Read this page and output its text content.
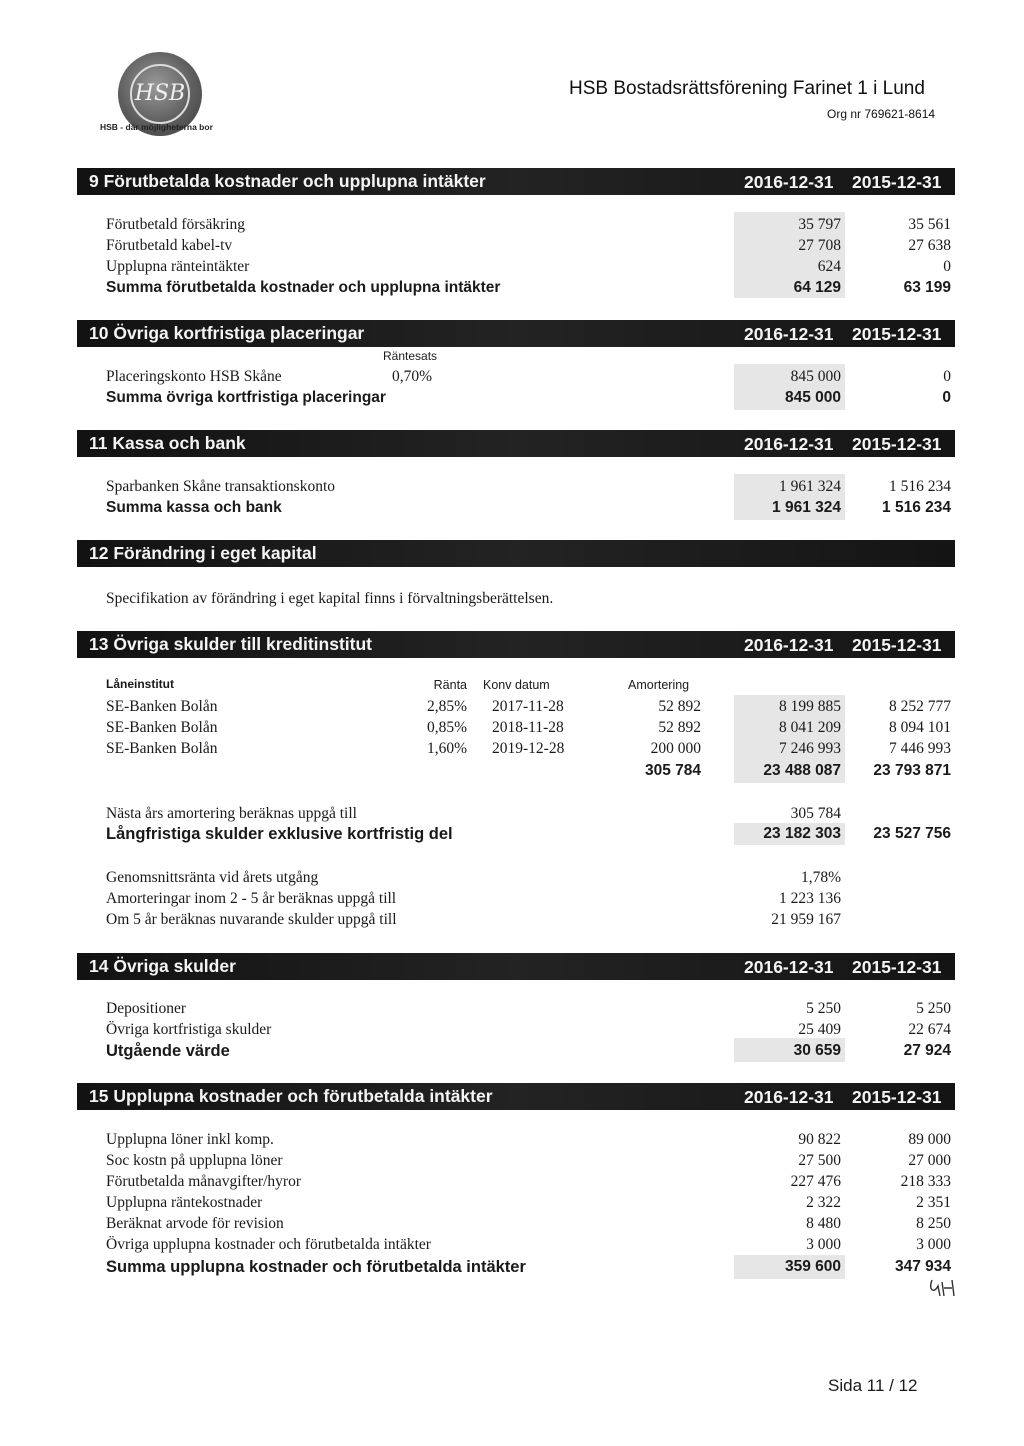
HSB
HSB - där möjligheterna bor
HSB Bostadsrättsförening Farinet 1 i Lund
Org nr 769621-8614
9 Förutbetalda kostnader och upplupna intäkter	2016-12-31 2015-12-31
Förutbetald försäkring	35 797	35 561
Förutbetald kabel-tv	27 708	27 638
Upplupna ränteintäkter	624	0
Summa förutbetalda kostnader och upplupna intäkter	64 129	63 199
10 Övriga kortfristiga placeringar	2016-12-31 2015-12-31
Räntesats
Placeringskonto HSB Skåne	0,70%	845 000	0
Summa övriga kortfristiga placeringar	845 000	0
11 Kassa och bank	2016-12-31 2015-12-31
Sparbanken Skåne transaktionskonto	1 961 324	1 516 234
Summa kassa och bank	1 961 324	1 516 234
12 Förändring i eget kapital
Specifikation av förändring i eget kapital finns i förvaltningsberättelsen.
13 Övriga skulder till kreditinstitut	2016-12-31 2015-12-31
Låneinstitut	Ränta Konv datum	Amortering
SE-Banken Bolån	2,85% 2017-11-28	52 892	8 199 885	8 252 777
SE-Banken Bolån	0,85% 2018-11-28	52 892	8 041 209	8 094 101
SE-Banken Bolån	1,60% 2019-12-28	200 000	7 246 993	7 446 993
305 784	23 488 087	23 793 871
Nästa års amortering beräknas uppgå till	305 784
Långfristiga skulder exklusive kortfristig del	23 182 303	23 527 756
Genomsnittsränta vid årets utgång	1,78%
Amorteringar inom 2 - 5 år beräknas uppgå till	1 223 136
Om 5 år beräknas nuvarande skulder uppgå till	21 959 167
14 Övriga skulder	2016-12-31 2015-12-31
Depositioner	5 250	5 250
Övriga kortfristiga skulder	25 409	22 674
Utgående värde	30 659	27 924
15 Upplupna kostnader och förutbetalda intäkter	2016-12-31 2015-12-31
Upplupna löner inkl komp.	90 822	89 000
Soc kostn på upplupna löner	27 500	27 000
Förutbetalda månavgifter/hyror	227 476	218 333
Upplupna räntekostnader	2 322	2 351
Beräknat arvode för revision	8 480	8 250
Övriga upplupna kostnader och förutbetalda intäkter	3 000	3 000
Summa upplupna kostnader och förutbetalda intäkter	359 600	347 934
Sida 11 / 12
